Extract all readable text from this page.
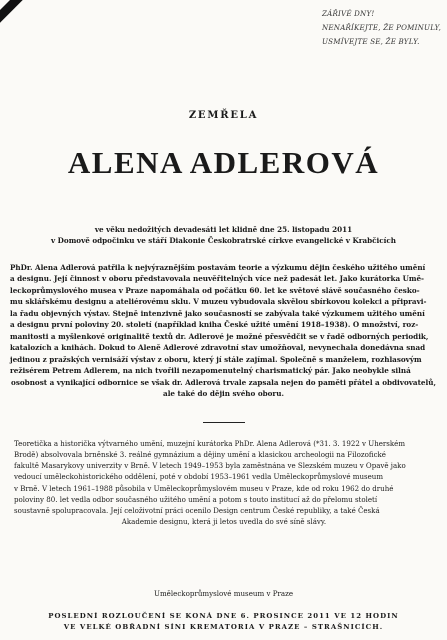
ZÁŘIVÉ DNY!
NENAŘÍKEJTE, ŽE POMINULY,
USMÍVEJTE SE, ŽE BYLY.
ZEMŘELA
ALENA ADLEROVÁ
ve věku nedožitých devadesáti let klidně dne 25. listopadu 2011
v Domově odpočinku ve stáří Diakonie Českobratrské církve evangelické v Krabčicích
PhDr. Alena Adlerová patřila k nejvýraznějším postavám teorie a výzkumu dějin českého užitého umění
a designu. Její činnost v oboru představovala neuvěřitelných více než padesát let. Jako kurátorka Umě-
leckoprůmyslového musea v Praze napomáhala od počátku 60. let ke světové slávě současného česko-
mu sklářskému designu a ateliérovému sklu. V muzeu vybudovala skvělou sbírkovou kolekci a připravi-
la řadu objevných výstav. Stejně intenzivně jako současností se zabývala také výzkumem užitého umění
a designu první poloviny 20. století (například kniha České užité umění 1918–1938). O množství, roz-
manitosti a myšlenkové originalitě textů dr. Adlerové je možné přesvědčit se v řadě odborných periodik,
katalozích a knihách. Dokud to Aleně Adlerové zdravotní stav umožňoval, nevynechala donedávna snad
jedinou z pražských vernisáží výstav z oboru, který jí stále zajímal. Společně s manželem, rozhlasovým
režisérem Petrem Adlerem, na nich tvořili nezapomenutelný charismatický pár. Jako neobyklе silná
osobnost a vynikající odbornice se však dr. Adlerová trvale zapsala nejen do paměti přátel a obdivovatelů,
ale také do dějin svého oboru.
Teoretička a historička výtvarného umění, muzejní kurátorka PhDr. Alena Adlerová (*31. 3. 1922 v Uherském
Brodě) absolvovala brněnské 3. reálné gymnázium a dějiny umění a klasickou archeologii na Filozofické
fakultě Masarykovy univerzity v Brně. V letech 1949–1953 byla zaměstnána ve Slezském muzeu v Opavě jako
vedoucí uměleckohistorického oddělení, poté v období 1953–1961 vedla Uměleckoprůmyslové museum
v Brně. V letech 1961–1988 působila v Uměleckoprůmyslovém museu v Praze, kde od roku 1962 do druhé
poloviny 80. let vedla odbor současného užitého umění a potom s touto institucí až do přelomu století
soustavně spolupracovala. Její celoživotní práci ocenilo Design centrum České republiky, a také Česká
Akademie designu, která ji letos uvedla do své síně slávy.
Uměleckoprůmyslové museum v Praze
POSLEDNÍ ROZLOUČENÍ SE KONÁ DNE 6. PROSINCE 2011 VE 12 HODIN
VE VELKÉ OBŘADNÍ SÍNI KREMATORIA V PRAZE – STRAŠNICÍCH.
